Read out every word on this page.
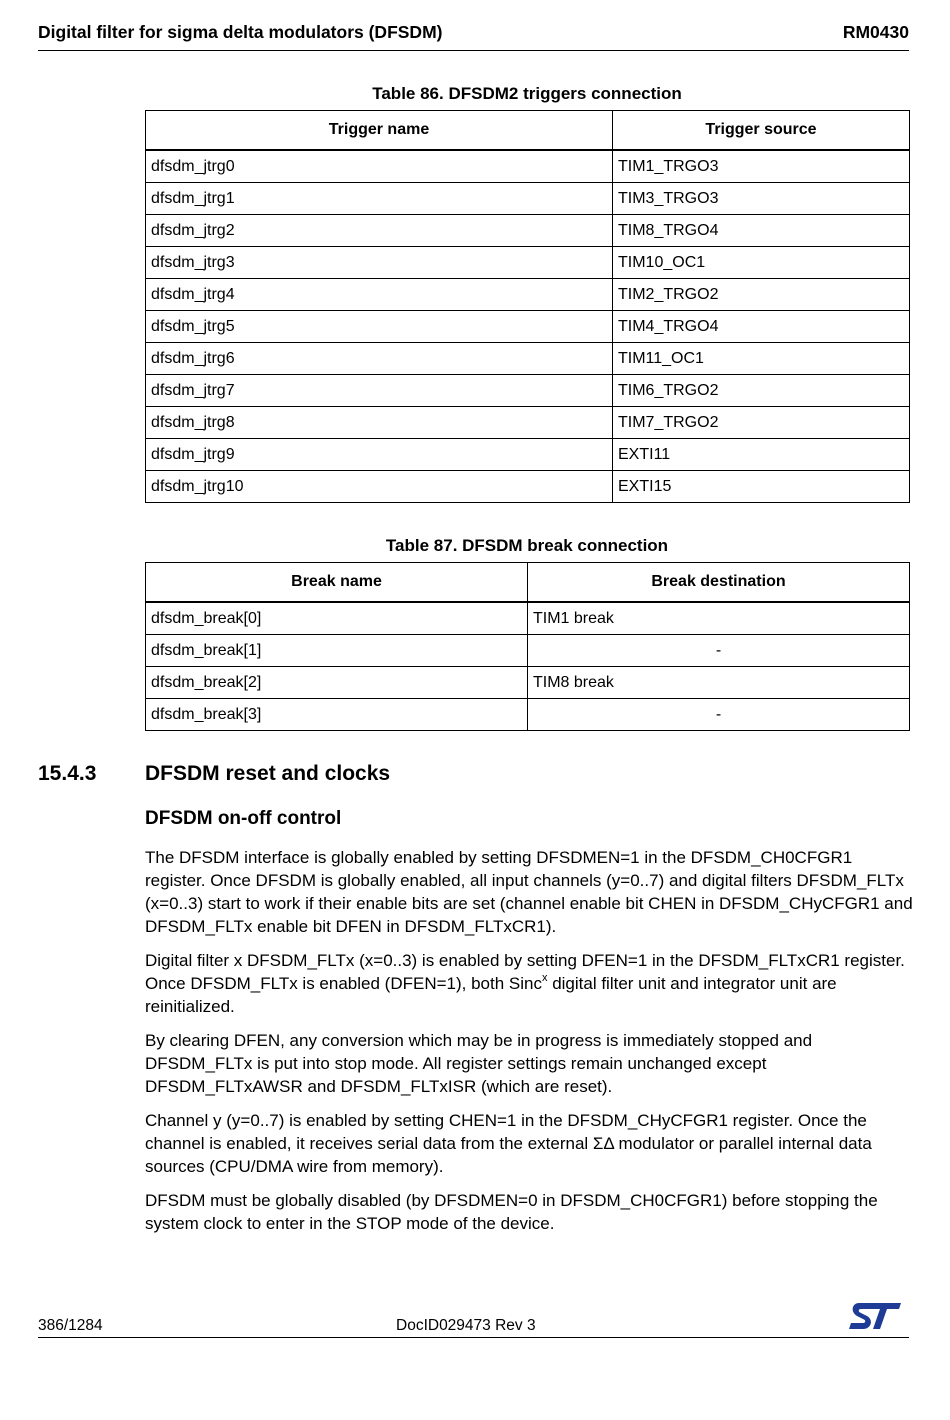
Digital filter for sigma delta modulators (DFSDM)	RM0430
Table 86. DFSDM2 triggers connection
Trigger name	Trigger source
dfsdm_jtrg0	TIM1_TRGO3
dfsdm_jtrg1	TIM3_TRGO3
dfsdm_jtrg2	TIM8_TRGO4
dfsdm_jtrg3	TIM10_OC1
dfsdm_jtrg4	TIM2_TRGO2
dfsdm_jtrg5	TIM4_TRGO4
dfsdm_jtrg6	TIM11_OC1
dfsdm_jtrg7	TIM6_TRGO2
dfsdm_jtrg8	TIM7_TRGO2
dfsdm_jtrg9	EXTI11
dfsdm_jtrg10	EXTI15
Table 87. DFSDM break connection
Break name	Break destination
dfsdm_break[0]	TIM1 break
dfsdm_break[1]	-
dfsdm_break[2]	TIM8 break
dfsdm_break[3]	-
15.4.3 DFSDM reset and clocks
DFSDM on-off control

The DFSDM interface is globally enabled by setting DFSDMEN=1 in the DFSDM_CH0CFGR1 register. Once DFSDM is globally enabled, all input channels (y=0..7) and digital filters DFSDM_FLTx (x=0..3) start to work if their enable bits are set (channel enable bit CHEN in DFSDM_CHyCFGR1 and DFSDM_FLTx enable bit DFEN in DFSDM_FLTxCR1).

Digital filter x DFSDM_FLTx (x=0..3) is enabled by setting DFEN=1 in the DFSDM_FLTxCR1 register. Once DFSDM_FLTx is enabled (DFEN=1), both Sinc$^x$ digital filter unit and integrator unit are reinitialized.

By clearing DFEN, any conversion which may be in progress is immediately stopped and DFSDM_FLTx is put into stop mode. All register settings remain unchanged except DFSDM_FLTxAWSR and DFSDM_FLTxISR (which are reset).

Channel y (y=0..7) is enabled by setting CHEN=1 in the DFSDM_CHyCFGR1 register. Once the channel is enabled, it receives serial data from the external ΣΔ modulator or parallel internal data sources (CPU/DMA wire from memory).

DFSDM must be globally disabled (by DFSDMEN=0 in DFSDM_CH0CFGR1) before stopping the system clock to enter in the STOP mode of the device.

386/1284	DocID029473 Rev 3
